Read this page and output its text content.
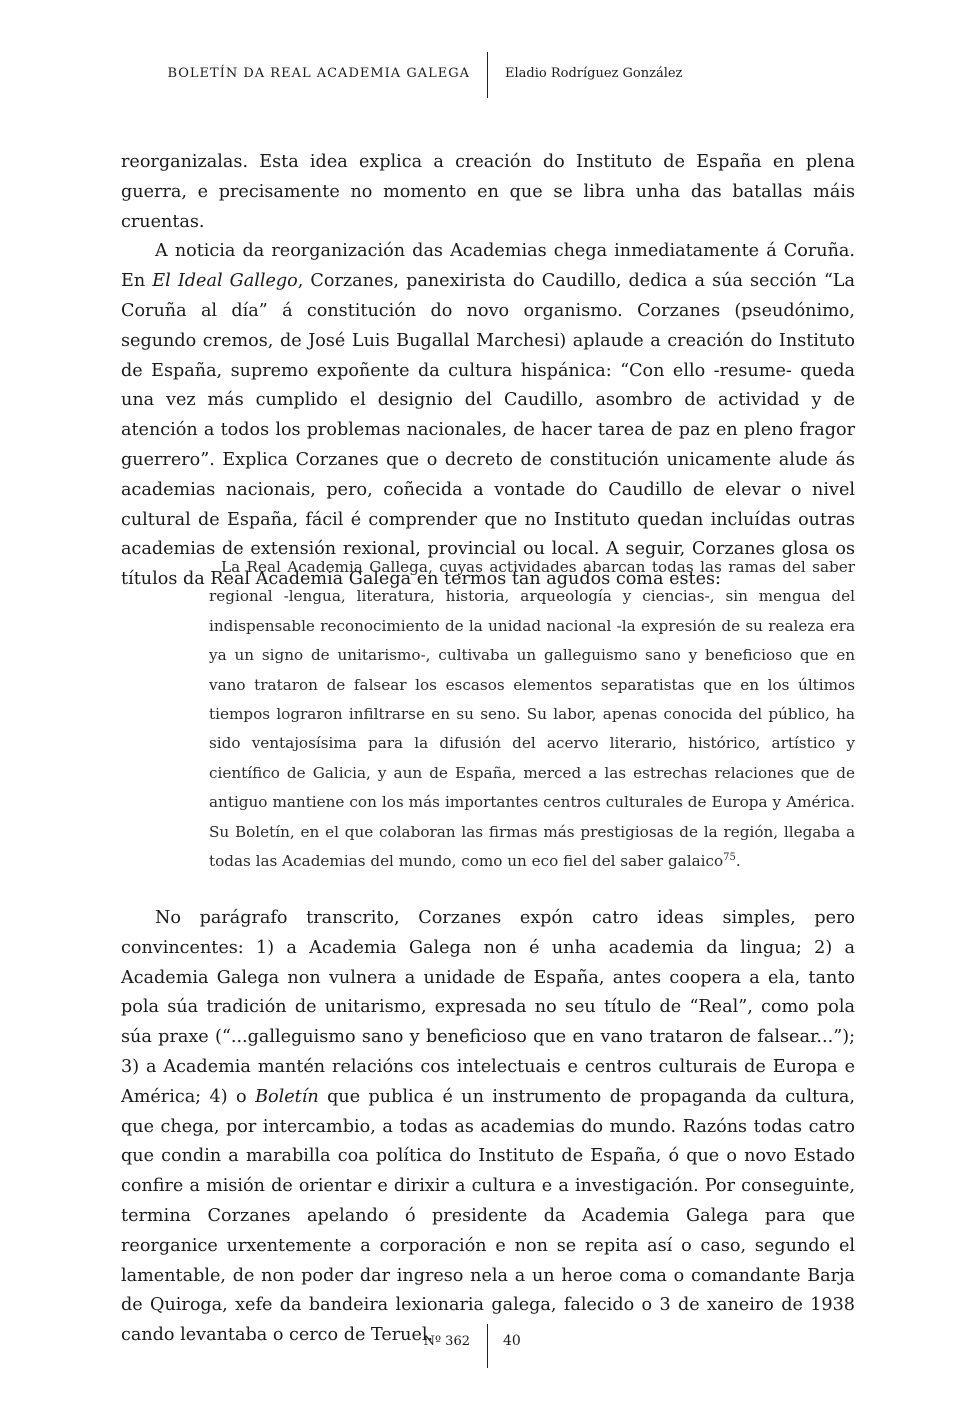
BOLETÍN DA REAL ACADEMIA GALEGA	Eladio Rodríguez González

reorganizalas. Esta idea explica a creación do Instituto de España en plena guerra, e precisamente no momento en que se libra unha das batallas máis cruentas.

A noticia da reorganización das Academias chega inmediatamente á Coruña. En El Ideal Gallego, Corzanes, panexirista do Caudillo, dedica a súa sección “La Coruña al día” á constitución do novo organismo. Corzanes (pseudónimo, segundo cremos, de José Luis Bugallal Marchesi) aplaude a creación do Instituto de España, supremo expoñente da cultura hispánica: “Con ello -resume- queda una vez más cumplido el designio del Caudillo, asombro de actividad y de atención a todos los problemas nacionales, de hacer tarea de paz en pleno fragor guerrero”. Explica Corzanes que o decreto de constitución unicamente alude ás academias nacionais, pero, coñecida a vontade do Caudillo de elevar o nivel cultural de España, fácil é comprender que no Instituto quedan incluídas outras academias de extensión rexional, provincial ou local. A seguir, Corzanes glosa os títulos da Real Academia Galega en termos tan agudos coma estes:

La Real Academia Gallega, cuyas actividades abarcan todas las ramas del saber regional -lengua, literatura, historia, arqueología y ciencias-, sin mengua del indispensable reconocimiento de la unidad nacional -la expresión de su realeza era ya un signo de unitarismo-, cultivaba un galleguismo sano y beneficioso que en vano trataron de falsear los escasos elementos separatistas que en los últimos tiempos lograron infiltrarse en su seno. Su labor, apenas conocida del público, ha sido ventajosísima para la difusión del acervo literario, histórico, artístico y científico de Galicia, y aun de España, merced a las estrechas relaciones que de antiguo mantiene con los más importantes centros culturales de Europa y América. Su Boletín, en el que colaboran las firmas más prestigiosas de la región, llegaba a todas las Academias del mundo, como un eco fiel del saber galaico$^{75}$.

No parágrafo transcrito, Corzanes expón catro ideas simples, pero convincentes: 1) a Academia Galega non é unha academia da lingua; 2) a Academia Galega non vulnera a unidade de España, antes coopera a ela, tanto pola súa tradición de unitarismo, expresada no seu título de “Real”, como pola súa praxe (“...galleguismo sano y beneficioso que en vano trataron de falsear...”); 3) a Academia mantén relacións cos intelectuais e centros culturais de Europa e América; 4) o Boletín que publica é un instrumento de propaganda da cultura, que chega, por intercambio, a todas as academias do mundo. Razóns todas catro que condin a marabilla coa política do Instituto de España, ó que o novo Estado confire a misión de orientar e dirixir a cultura e a investigación. Por conseguinte, termina Corzanes apelando ó presidente da Academia Galega para que reorganice urxentemente a corporación e non se repita así o caso, segundo el lamentable, de non poder dar ingreso nela a un heroe coma o comandante Barja de Quiroga, xefe da bandeira lexionaria galega, falecido o 3 de xaneiro de 1938 cando levantaba o cerco de Teruel.

Nº 362 40
